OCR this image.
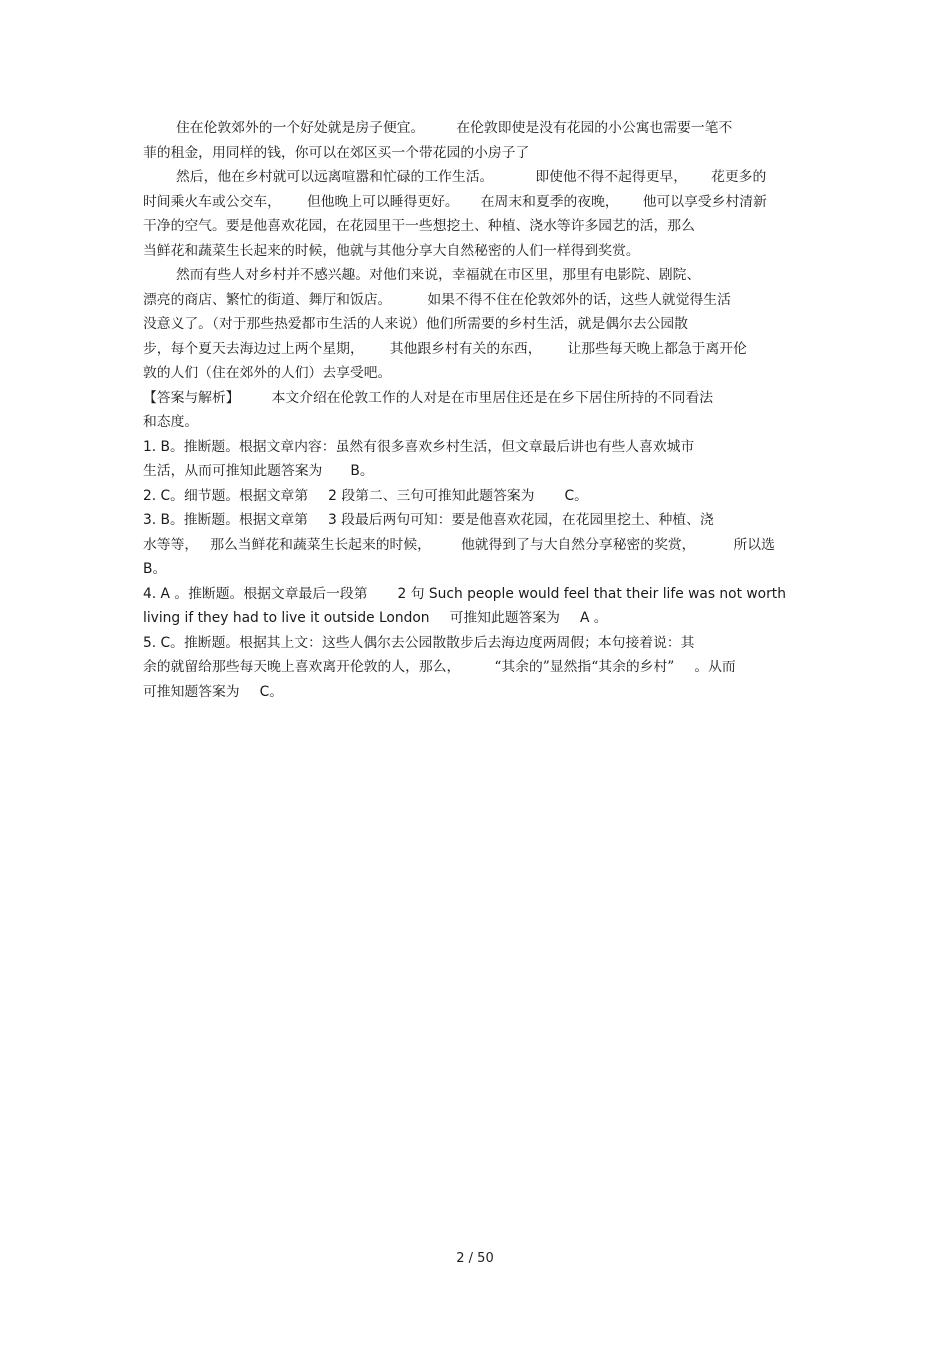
住在伦敦郊外的一个好处就是房子便宜。 在伦敦即使是没有花园的小公寓也需要一笔不
菲的租金，用同样的钱，你可以在郊区买一个带花园的小房子了
然后，他在乡村就可以远离喧嚣和忙碌的工作生活。	即使他不得不起得更早， 花更多的
时间乘火车或公交车， 但他晚上可以睡得更好。 在周末和夏季的夜晚， 他可以享受乡村清新
干净的空气。要是他喜欢花园，在花园里干一些想挖土、种植、浇水等许多园艺的活，那么
当鲜花和蔬菜生长起来的时候，他就与其他分享大自然秘密的人们一样得到奖赏。
然而有些人对乡村并不感兴趣。对他们来说，幸福就在市区里，那里有电影院、剧院、
漂亮的商店、繁忙的街道、舞厅和饭店。	如果不得不住在伦敦郊外的话，这些人就觉得生活
没意义了。（对于那些热爱都市生活的人来说）他们所需要的乡村生活，就是偶尔去公园散
步，每个夏天去海边过上两个星期， 其他跟乡村有关的东西， 让那些每天晚上都急于离开伦
敦的人们（住在郊外的人们）去享受吧。
【答案与解析】 本文介绍在伦敦工作的人对是在市里居住还是在乡下居住所持的不同看法
和态度。
1. B。推断题。根据文章内容：虽然有很多喜欢乡村生活，但文章最后讲也有些人喜欢城市
生活，从而可推知此题答案为 B。
2. C。细节题。根据文章第 2 段第二、三句可推知此题答案为 C。
3. B。推断题。根据文章第 3 段最后两句可知：要是他喜欢花园，在花园里挖土、种植、浇
水等等， 那么当鲜花和蔬菜生长起来的时候， 他就得到了与大自然分享秘密的奖赏，	所以选
B。
4. A 。推断题。根据文章最后一段第 2 句 Such people would feel that their life was not worth
living if they had to live it outside London 可推知此题答案为 A 。
5. C。推断题。根据其上文：这些人偶尔去公园散散步后去海边度两周假；本句接着说：其
余的就留给那些每天晚上喜欢离开伦敦的人，那么， “其余的”显然指“其余的乡村” 。从而
可推知题答案为 C。
2 / 50
